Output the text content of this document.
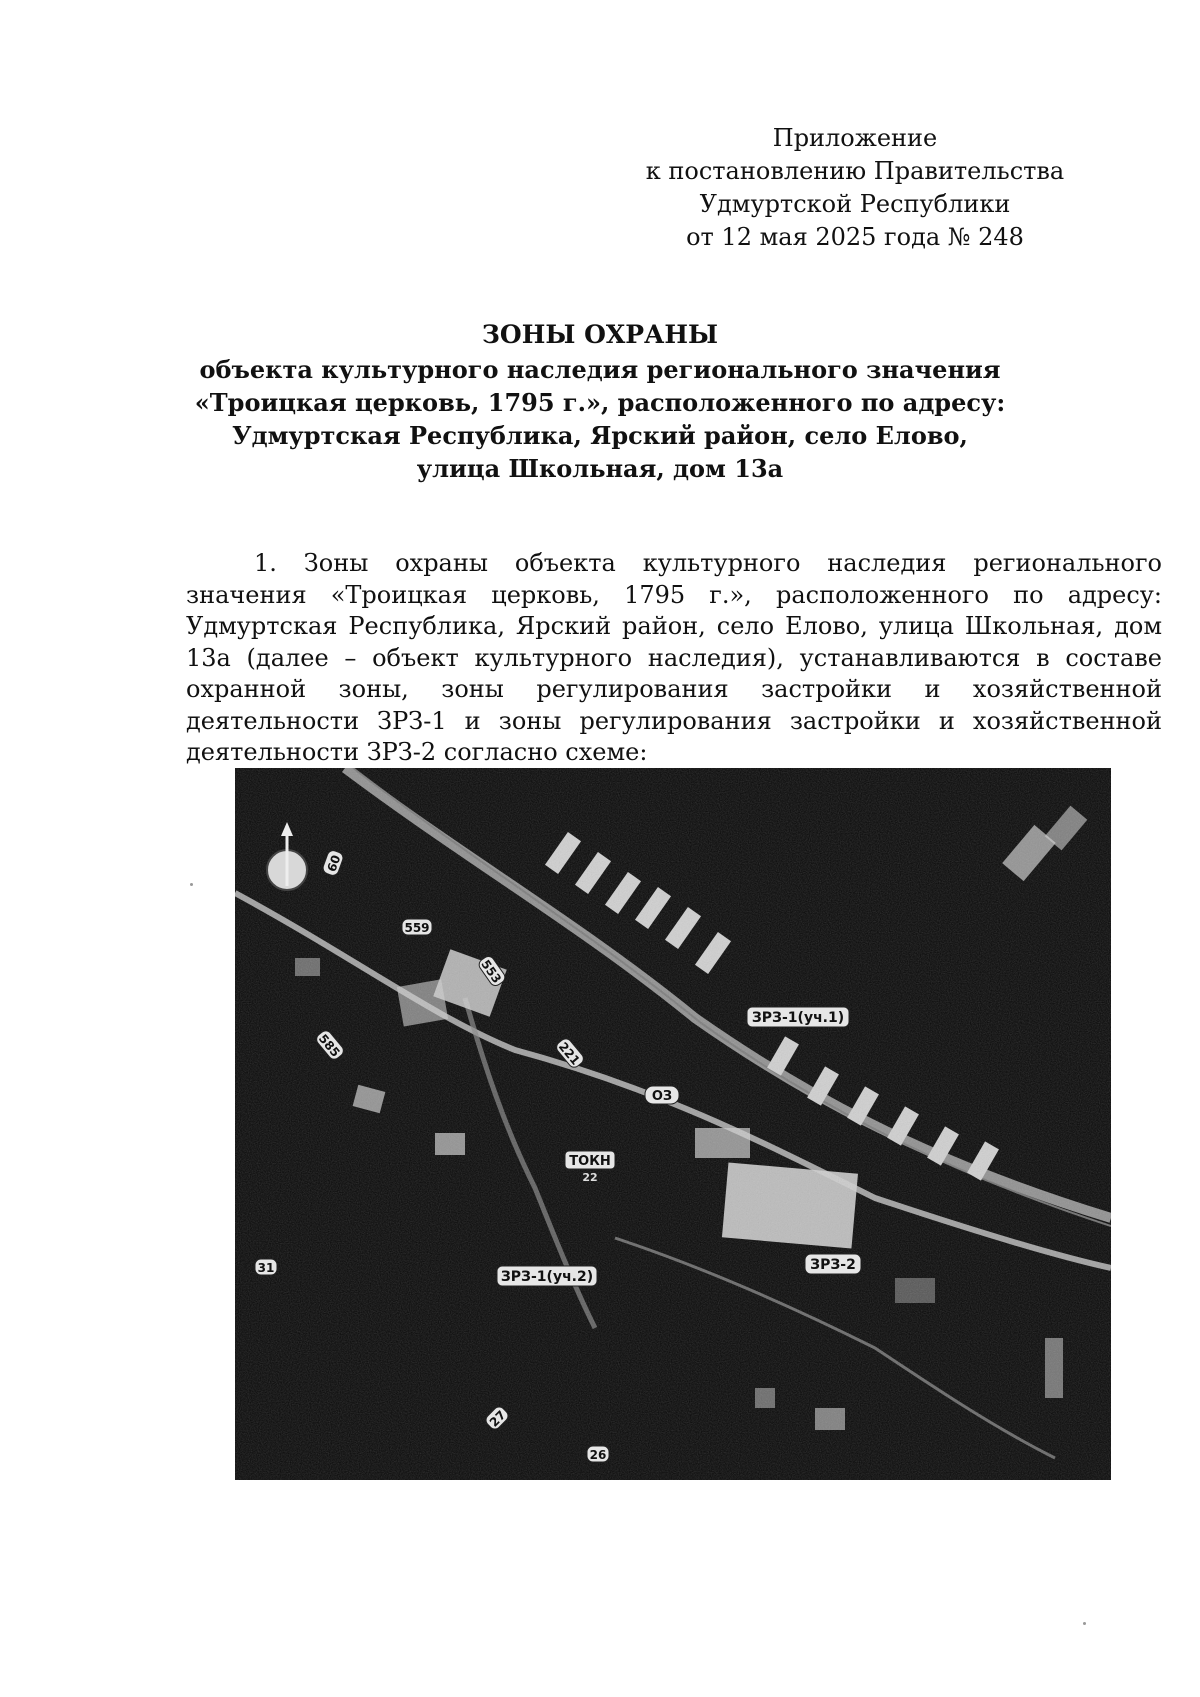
Приложение
к постановлению Правительства
Удмуртской Республики
от 12 мая 2025 года № 248
ЗОНЫ ОХРАНЫ
объекта культурного наследия регионального значения
«Троицкая церковь, 1795 г.», расположенного по адресу:
Удмуртская Республика, Ярский район, село Елово,
улица Школьная, дом 13а
1. Зоны охраны объекта культурного наследия регионального значения «Троицкая церковь, 1795 г.», расположенного по адресу: Удмуртская Республика, Ярский район, село Елово, улица Школьная, дом 13а (далее – объект культурного наследия), устанавливаются в составе охранной зоны, зоны регулирования застройки и хозяйственной деятельности ЗРЗ-1 и зоны регулирования застройки и хозяйственной деятельности ЗРЗ-2 согласно схеме:
ЗРЗ-1(уч.1)
ЗРЗ-1(уч.2)
ЗРЗ-2
ОЗ
ТОКН
22
559
553
221
60
585
31
27
26
